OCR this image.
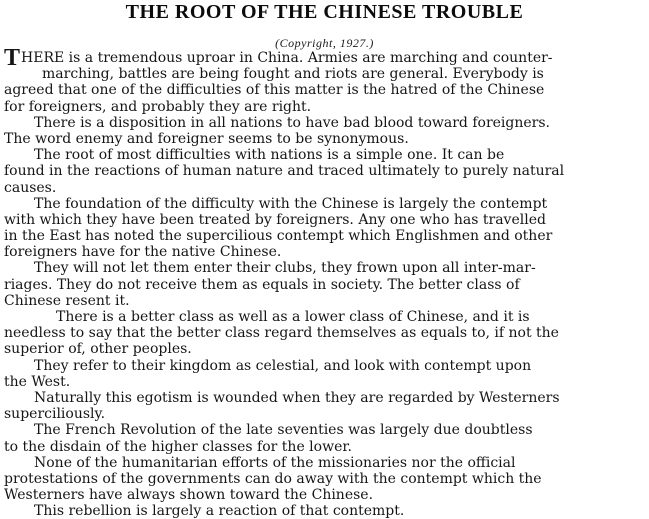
THE ROOT OF THE CHINESE TROUBLE
(Copyright, 1927.)
THERE is a tremendous uproar in China. Armies are marching and counter-
marching, battles are being fought and riots are general. Everybody is
agreed that one of the difficulties of this matter is the hatred of the Chinese
for foreigners, and probably they are right.
There is a disposition in all nations to have bad blood toward foreigners.
The word enemy and foreigner seems to be synonymous.
The root of most difficulties with nations is a simple one. It can be
found in the reactions of human nature and traced ultimately to purely natural
causes.
The foundation of the difficulty with the Chinese is largely the contempt
with which they have been treated by foreigners. Any one who has travelled
in the East has noted the supercilious contempt which Englishmen and other
foreigners have for the native Chinese.
They will not let them enter their clubs, they frown upon all inter-mar-
riages. They do not receive them as equals in society. The better class of
Chinese resent it.
There is a better class as well as a lower class of Chinese, and it is
needless to say that the better class regard themselves as equals to, if not the
superior of, other peoples.
They refer to their kingdom as celestial, and look with contempt upon
the West.
Naturally this egotism is wounded when they are regarded by Westerners
superciliously.
The French Revolution of the late seventies was largely due doubtless
to the disdain of the higher classes for the lower.
None of the humanitarian efforts of the missionaries nor the official
protestations of the governments can do away with the contempt which the
Westerners have always shown toward the Chinese.
This rebellion is largely a reaction of that contempt.
